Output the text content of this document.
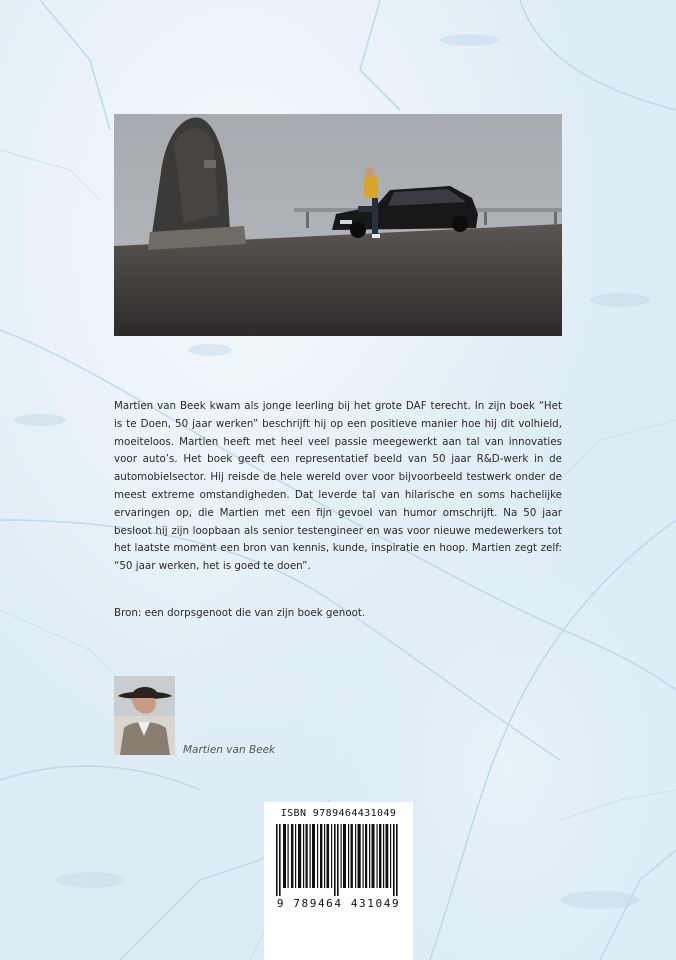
Martien van Beek kwam als jonge leerling bij het grote DAF terecht. In zijn boek “Het is te Doen, 50 jaar werken” beschrijft hij op een positieve manier hoe hij dit volhield, moeiteloos. Martien heeft met heel veel passie meegewerkt aan tal van innovaties voor auto’s. Het boek geeft een representatief beeld van 50 jaar R&D-werk in de automobielsector. Hij reisde de hele wereld over voor bijvoorbeeld testwerk onder de meest extreme omstandigheden. Dat leverde tal van hilarische en soms hachelijke ervaringen op, die Martien met een fijn gevoel van humor omschrijft. Na 50 jaar besloot hij zijn loopbaan als senior testengineer en was voor nieuwe medewerkers tot het laatste moment een bron van kennis, kunde, inspiratie en hoop. Martien zegt zelf: “50 jaar werken, het is goed te doen”.

Bron: een dorpsgenoot die van zijn boek genoot.

Martien van Beek
ISBN 9789464431049
9 789464 431049
